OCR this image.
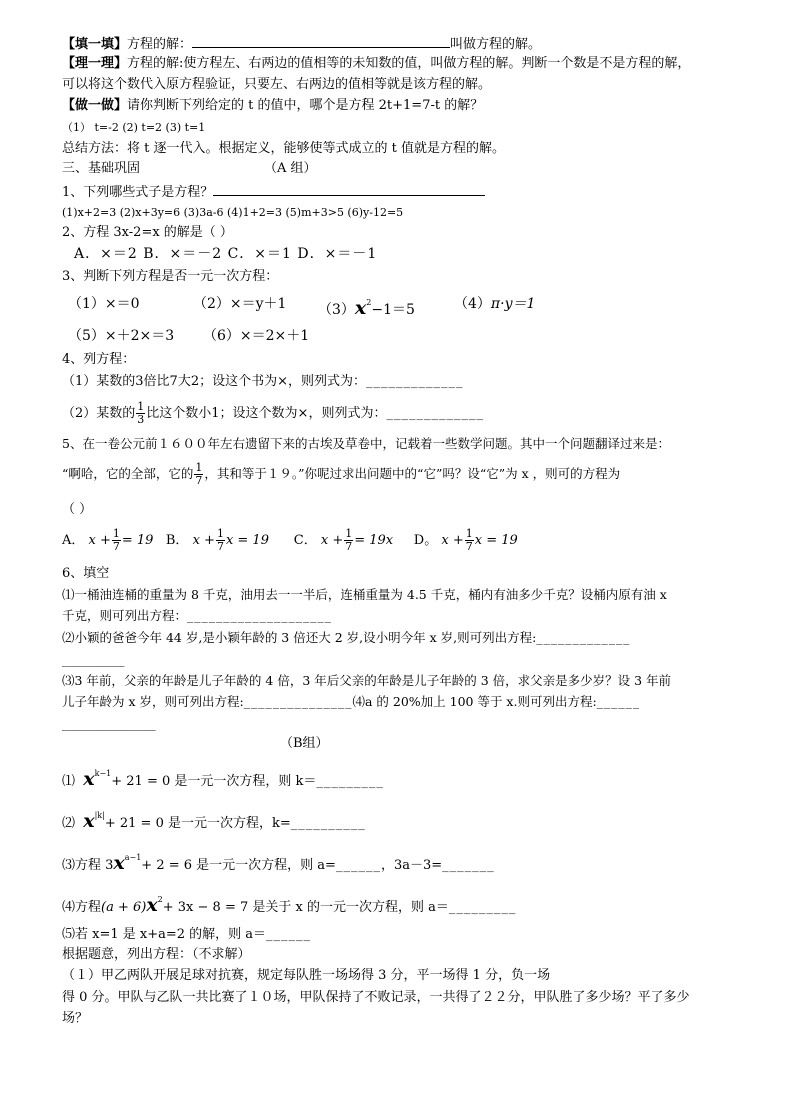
【填一填】方程的解：	叫做方程的解。
【理一理】方程的解:使方程左、右两边的值相等的未知数的值，叫做方程的解。判断一个数是不是方程的解，
可以将这个数代入原方程验证，只要左、右两边的值相等就是该方程的解。
【做一做】请你判断下列给定的 t 的值中，哪个是方程 2t+1=7-t 的解？
（1） t=-2 (2) t=2 (3) t=1
总结方法：将 t 逐一代入。根据定义，能够使等式成立的 t 值就是方程的解。
三、基础巩固	（A 组）
1、下列哪些式子是方程？
(1)x+2=3 (2)x+3y=6 (3)3a-6 (4)1+2=3 (5)m+3>5 (6)y-12=5
2、方程 3x-2=x 的解是（ ）
A．×＝2 B．×＝－2 C．×＝1 D．×＝－1
3、判断下列方程是否一元一次方程：
（1）×＝0	（2）×＝y＋1 $(3)x^2-1=5$	（4）π·y＝1
（5）×＋2×＝3 （6）×＝2×＋1
4、列方程：
（1）某数的3倍比7大2；设这个书为×，则列式为：_____________
（2）某数的 $\frac{1}{3}$ 比这个数小1；设这个数为×，则列式为：_____________
5、在一卷公元前１６００年左右遗留下来的古埃及草卷中，记载着一些数学问题。其中一个问题翻译过来是：
“啊哈，它的全部，它的 $\frac{1}{7}$ ，其和等于１９。”你呢过求出问题中的“它”吗？设“它”为 x ，则可的方程为
（ ）
A． $x + \frac{1}{7} = 19$ B． $x + \frac{1}{7}$ x = 19 C． $x + \frac{1}{7} = 19x$ D。 $x + \frac{1}{7}$ x = 19
6、填空
⑴一桶油连桶的重量为 8 千克，油用去一一半后，连桶重量为 4.5 千克，桶内有油多少千克？设桶内原有油 x
千克，则可列出方程：____________________
⑵小颖的爸爸今年 44 岁,是小颖年龄的 3 倍还大 2 岁,设小明今年 x 岁,则可列出方程:_____________
__________
⑶3 年前，父亲的年龄是儿子年龄的 4 倍，3 年后父亲的年龄是儿子年龄的 3 倍，求父亲是多少岁？设 3 年前
儿子年龄为 x 岁，则可列出方程:_______________⑷a 的 20%加上 100 等于 x.则可列出方程:______
_______________
（B组）
⑴ $x^{k-1}+ 21 = 0$ 是一元一次方程，则 k＝_________
⑵ $x^{|k|}+ 21 = 0$ 是一元一次方程，k=__________
⑶方程 $3x^{a-1}+ 2 = 6$ 是一元一次方程，则 a=______，3a－3=_______
⑷方程$(a + 6)x^2+ 3x - 8 = 7$ 是关于 x 的一元一次方程，则 a＝_________
⑸若 x=1 是 x+a=2 的解，则 a＝______
根据题意，列出方程：（不求解）
（１）甲乙两队开展足球对抗赛，规定每队胜一场场得 3 分，平一场得 1 分，负一场
得 0 分。甲队与乙队一共比赛了１０场，甲队保持了不败记录，一共得了２２分，甲队胜了多少场？平了多少
场？
